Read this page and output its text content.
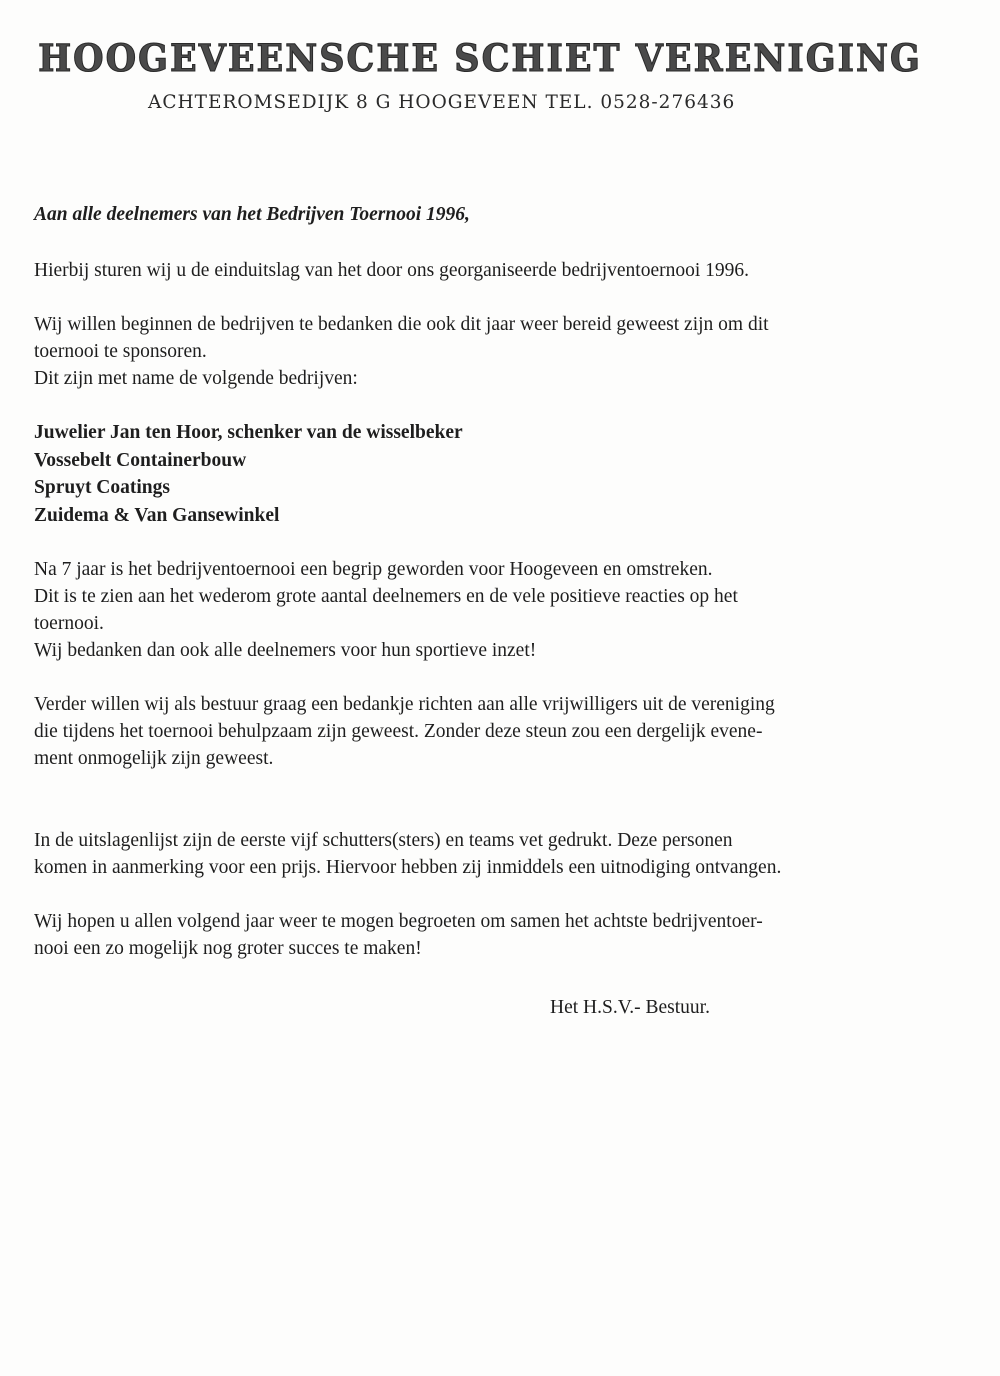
HOOGEVEENSCHE SCHIET VERENIGING

ACHTEROMSEDIJK 8 G HOOGEVEEN TEL. 0528-276436

Aan alle deelnemers van het Bedrijven Toernooi 1996,

Hierbij sturen wij u de einduitslag van het door ons georganiseerde bedrijventoernooi 1996.

Wij willen beginnen de bedrijven te bedanken die ook dit jaar weer bereid geweest zijn om dit
toernooi te sponsoren.
Dit zijn met name de volgende bedrijven:

Juwelier Jan ten Hoor, schenker van de wisselbeker
Vossebelt Containerbouw
Spruyt Coatings
Zuidema & Van Gansewinkel

Na 7 jaar is het bedrijventoernooi een begrip geworden voor Hoogeveen en omstreken.
Dit is te zien aan het wederom grote aantal deelnemers en de vele positieve reacties op het
toernooi.
Wij bedanken dan ook alle deelnemers voor hun sportieve inzet!

Verder willen wij als bestuur graag een bedankje richten aan alle vrijwilligers uit de vereniging
die tijdens het toernooi behulpzaam zijn geweest. Zonder deze steun zou een dergelijk evene-
ment onmogelijk zijn geweest.

In de uitslagenlijst zijn de eerste vijf schutters(sters) en teams vet gedrukt. Deze personen
komen in aanmerking voor een prijs. Hiervoor hebben zij inmiddels een uitnodiging ontvangen.

Wij hopen u allen volgend jaar weer te mogen begroeten om samen het achtste bedrijventoer-
nooi een zo mogelijk nog groter succes te maken!

Het H.S.V.- Bestuur.
